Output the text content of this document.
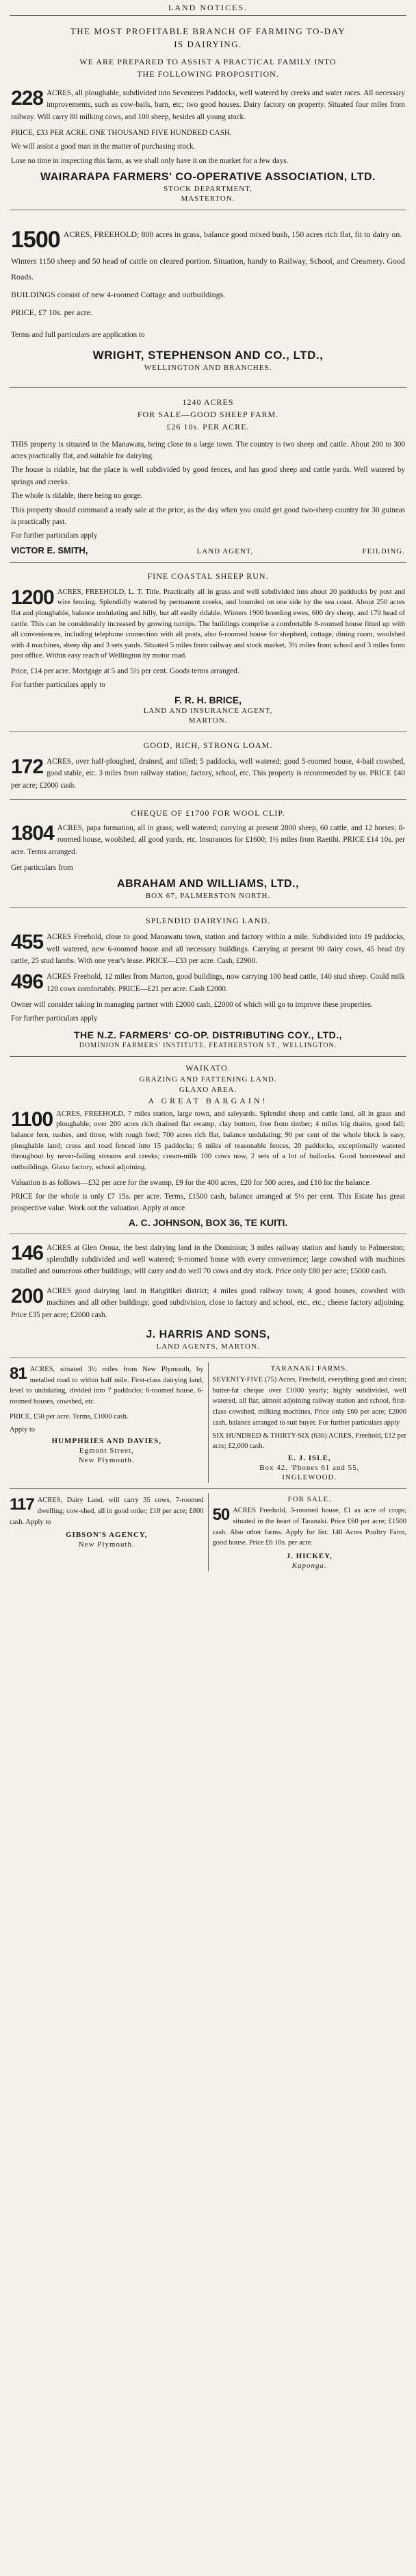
LAND NOTICES.
THE MOST PROFITABLE BRANCH OF FARMING TO-DAY
IS DAIRYING.
WE ARE PREPARED TO ASSIST A PRACTICAL FAMILY INTO
THE FOLLOWING PROPOSITION.

228 ACRES, all ploughable, subdivided into Seventeen Paddocks, well watered by creeks and water races. All necessary improvements, such as cow-bails, barn, etc; two good houses. Dairy factory on property. Situated four miles from railway. Will carry 80 milking cows, and 100 sheep, besides all young stock.

PRICE, £33 PER ACRE. ONE THOUSAND FIVE HUNDRED CASH.

We will assist a good man in the matter of purchasing stock.

Lose no time in inspecting this farm, as we shall only have it on the market for a few days.

WAIRARAPA FARMERS' CO-OPERATIVE ASSOCIATION, LTD.
STOCK DEPARTMENT,
MASTERTON.

1500 ACRES, FREEHOLD; 800 acres in grass, balance good mixed bush, 150 acres rich flat, fit to dairy on.

Winters 1150 sheep and 50 head of cattle on cleared portion. Situation, handy to Railway, School, and Creamery. Good Roads.

BUILDINGS consist of new 4-roomed Cottage and outbuildings.

PRICE, £7 10s. per acre.

Terms and full particulars are application to

WRIGHT, STEPHENSON AND CO., LTD.,
WELLINGTON AND BRANCHES.
1240 ACRES
FOR SALE—GOOD SHEEP FARM.
£26 10s. PER ACRE.

THIS property is situated in the Manawatu, being close to a large town. The country is two sheep and cattle. About 200 to 300 acres practically flat, and suitable for dairying.

The house is ridable, but the place is well subdivided by good fences, and has good sheep and cattle yards. Well watered by springs and creeks.

The whole is ridable, there being no gorge.

This property should command a ready sale at the price, as the day when you could get good two-sheep country for 30 guineas is practically past.

For further particulars apply

VICTOR E. SMITH,	LAND AGENT,	FEILDING.
FINE COASTAL SHEEP RUN.

1200 ACRES, FREEHOLD, L. T. Title. Practically all in grass and well subdivided into about 20 paddocks by post and wire fencing. Splendidly watered by permanent creeks, and bounded on one side by the sea coast. About 250 acres flat and ploughable, balance undulating and hilly, but all easily ridable. Winters 1900 breeding ewes, 600 dry sheep, and 170 head of cattle. This can be considerably increased by growing turnips. The buildings comprise a comfortable 8-roomed house fitted up with all conveniences, including telephone connection with all posts, also 6-roomed house for shepherd, cottage, dining room, woolshed with 4 machines, sheep dip and 3 sets yards. Situated 5 miles from railway and stock market, 3½ miles from school and 3 miles from post office. Within easy reach of Wellington by motor road.

Price, £14 per acre. Mortgage at 5 and 5½ per cent. Goods terms arranged.

For further particulars apply to

F. R. H. BRICE,
LAND AND INSURANCE AGENT,
MARTON.
GOOD, RICH, STRONG LOAM.

172 ACRES, over half-ploughed, drained, and tilled; 5 paddocks, well watered; good 5-roomed house, 4-bail cowshed, good stable, etc. 3 miles from railway station; factory, school, etc. This property is recommended by us. PRICE £40 per acre; £2000 cash.

CHEQUE OF £1700 FOR WOOL CLIP.

1804 ACRES, papa formation, all in grass; well watered; carrying at present 2800 sheep, 60 cattle, and 12 horses; 8-roomed house, woolshed, all good yards, etc. Insurances for £1600; 1½ miles from Raetihi. PRICE £14 10s. per acre. Terms arranged.

Get particulars from

ABRAHAM AND WILLIAMS, LTD.,
BOX 67, PALMERSTON NORTH.
SPLENDID DAIRYING LAND.

455 ACRES Freehold, close to good Manawatu town, station and factory within a mile. Subdivided into 19 paddocks, well watered, new 6-roomed house and all necessary buildings. Carrying at present 90 dairy cows, 45 head dry cattle, 25 stud lambs. With one year's lease. PRICE—£33 per acre. Cash, £2900.

496 ACRES Freehold, 12 miles from Marton, good buildings, now carrying 100 head cattle, 140 stud sheep. Could milk 120 cows comfortably. PRICE—£21 per acre. Cash £2000.

Owner will consider taking in managing partner with £2000 cash, £2000 of which will go to improve these properties.

For further particulars apply

THE N.Z. FARMERS' CO-OP. DISTRIBUTING COY., LTD.,
DOMINION FARMERS' INSTITUTE, FEATHERSTON ST., WELLINGTON.
WAIKATO.
GRAZING AND FATTENING LAND.
GLAXO AREA.
A GREAT BARGAIN!

1100 ACRES, FREEHOLD, 7 miles station, large town, and saleyards. Splendid sheep and cattle land, all in grass and ploughable; over 200 acres rich drained flat swamp, clay bottom, free from timber; 4 miles big drains, good fall; balance fern, rushes, and titree, with rough feed; 700 acres rich flat, balance undulating; 90 per cent of the whole block is easy, ploughable land; cross and road fenced into 15 paddocks; 6 miles of reasonable fences, 20 paddocks, exceptionally watered throughout by never-failing streams and creeks; cream-milk 100 cows now, 2 sets of a lot of bullocks. Good homestead and outbuildings. Glaxo factory, school adjoining.

Valuation is as follows—£32 per acre for the swamp, £9 for the 400 acres, £20 for 500 acres, and £10 for the balance.

PRICE for the whole is only £7 15s. per acre. Terms, £1500 cash, balance arranged at 5½ per cent. This Estate has great prospective value. Work out the valuation. Apply at once

A. C. JOHNSON, BOX 36, TE KUITI.

146 ACRES at Glen Oroua, the best dairying land in the Dominion; 3 miles railway station and handy to Palmerston; splendidly subdivided and well watered; 9-roomed house with every convenience; large cowshed with machines installed and numerous other buildings; will carry and do well 70 cows and dry stock. Price only £80 per acre; £5000 cash.

200 ACRES good dairying land in Rangitikei district; 4 miles good railway town; 4 good houses, cowshed with machines and all other buildings; good subdivision, close to factory and school, etc., etc.; cheese factory adjoining. Price £35 per acre; £2000 cash.

J. HARRIS AND SONS,
LAND AGENTS, MARTON.

81 ACRES, situated 3½ miles from New Plymouth, by metalled road to within half mile. First-class dairying land, level to undulating, divided into 7 paddocks; 6-roomed house, 6-roomed houses, cowshed, etc.

PRICE, £50 per acre. Terms, £1000 cash.

Apply to

HUMPHRIES AND DAVIES,
Egmont Street,
New Plymouth.
TARANAKI FARMS.

SEVENTY-FIVE (75) Acres, Freehold, everything good and clean; butter-fat cheque over £1000 yearly; highly subdivided, well watered, all flat; almost adjoining railway station and school, first-class cowshed, milking machines, Price only £60 per acre; £2000 cash, balance arranged to suit buyer. For further particulars apply

SIX HUNDRED & THIRTY-SIX (636) ACRES, Freehold, £12 per acre; £2,000 cash.

E. J. ISLE,
Box 42. 'Phones 61 and 55,
INGLEWOOD.

117 ACRES, Dairy Land, will carry 35 cows, 7-roomed dwelling; cow-shed, all in good order; £18 per acre; £800 cash. Apply to

GIBSON'S AGENCY,
New Plymouth.
FOR SALE.

50 ACRES Freehold, 3-roomed house, £1 as acre of crops; situated in the heart of Taranaki. Price £60 per acre; £1500 cash. Also other farms. Apply for list. 140 Acres Poultry Farm, good house. Price £6 10s. per acre.

J. HICKEY,
Kaponga.
